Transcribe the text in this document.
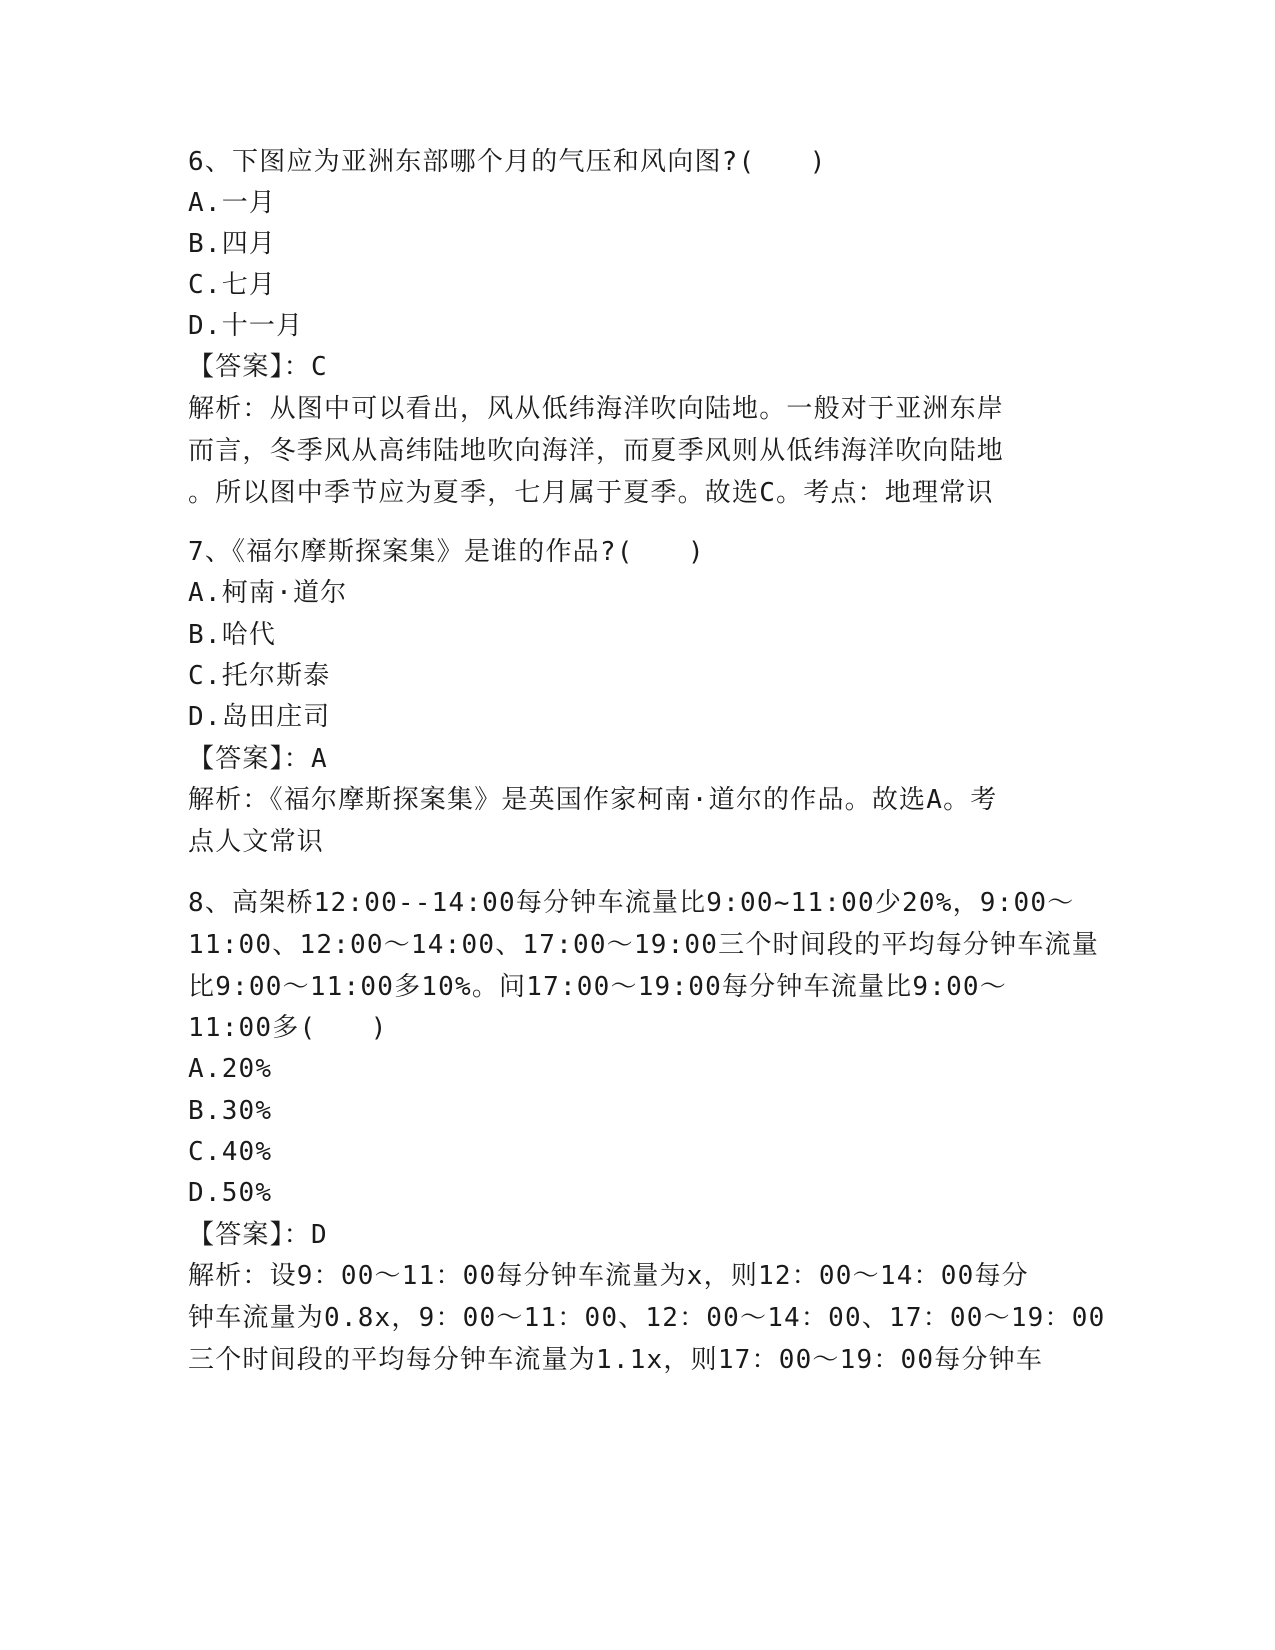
6、下图应为亚洲东部哪个月的气压和风向图?(　　)
A.一月
B.四月
C.七月
D.十一月
【答案】：C
解析：从图中可以看出，风从低纬海洋吹向陆地。一般对于亚洲东岸
而言，冬季风从高纬陆地吹向海洋，而夏季风则从低纬海洋吹向陆地
。所以图中季节应为夏季，七月属于夏季。故选C。考点：地理常识
7、《福尔摩斯探案集》是谁的作品?(　　)
A.柯南·道尔
B.哈代
C.托尔斯泰
D.岛田庄司
【答案】：A
解析：《福尔摩斯探案集》是英国作家柯南·道尔的作品。故选A。考
点人文常识
8、高架桥12:00--14:00每分钟车流量比9:00~11:00少20%，9:00～
11:00、12:00～14:00、17:00～19:00三个时间段的平均每分钟车流量
比9:00～11:00多10%。问17:00～19:00每分钟车流量比9:00～
11:00多(　　)
A.20%
B.30%
C.40%
D.50%
【答案】：D
解析：设9：00～11：00每分钟车流量为x，则12：00～14：00每分
钟车流量为0.8x，9：00～11：00、12：00～14：00、17：00～19：00
三个时间段的平均每分钟车流量为1.1x，则17：00～19：00每分钟车
